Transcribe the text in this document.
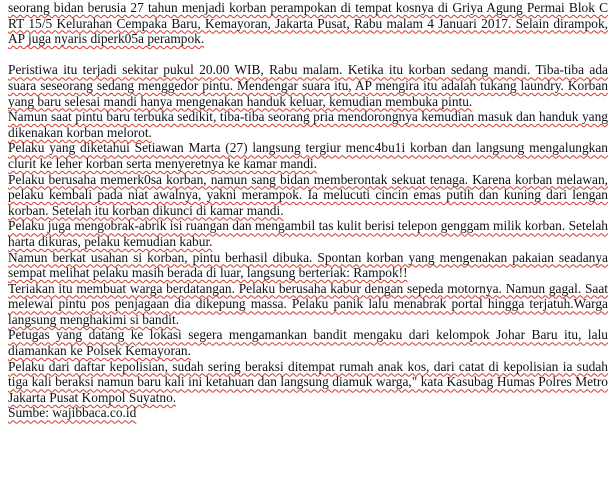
seorang bidan berusia 27 tahun menjadi korban perampokan di tempat kosnya di Griya Agung Permai Blok C RT 15/5 Kelurahan Cempaka Baru, Kemayoran, Jakarta Pusat, Rabu malam 4 Januari 2017. Selain dirampok, AP juga nyaris diperk05a perampok.

Peristiwa itu terjadi sekitar pukul 20.00 WIB, Rabu malam. Ketika itu korban sedang mandi. Tiba-tiba ada suara seseorang sedang menggedor pintu. Mendengar suara itu, AP mengira itu adalah tukang laundry. Korban yang baru selesai mandi hanya mengenakan handuk keluar, kemudian membuka pintu.

Namun saat pintu baru terbuka sedikit, tiba-tiba seorang pria mendorongnya kemudian masuk dan handuk yang dikenakan korban melorot.

Pelaku yang diketahui Setiawan Marta (27) langsung tergiur menc4bu1i korban dan langsung mengalungkan clurit ke leher korban serta menyeretnya ke kamar mandi.

Pelaku berusaha memerk0sa korban, namun sang bidan memberontak sekuat tenaga. Karena korban melawan, pelaku kembali pada niat awalnya, yakni merampok. Ia melucuti cincin emas putih dan kuning dari lengan korban. Setelah itu korban dikunci di kamar mandi.

Pelaku juga mengobrak-abrik isi ruangan dan mengambil tas kulit berisi telepon genggam milik korban. Setelah harta dikuras, pelaku kemudian kabur.

Namun berkat usahan si korban, pintu berhasil dibuka. Spontan korban yang mengenakan pakaian seadanya sempat melihat pelaku masih berada di luar, langsung berteriak: Rampok!!

Teriakan itu membuat warga berdatangan. Pelaku berusaha kabur dengan sepeda motornya. Namun gagal. Saat melewai pintu pos penjagaan dia dikepung massa. Pelaku panik lalu menabrak portal hingga terjatuh.Warga langsung menghakimi si bandit.

Petugas yang datang ke lokasi segera mengamankan bandit mengaku dari kelompok Johar Baru itu, lalu diamankan ke Polsek Kemayoran.

Pelaku dari daftar kepolisian, sudah sering beraksi ditempat rumah anak kos, dari catat di kepolisian ia sudah tiga kali beraksi namun baru kali ini ketahuan dan langsung diamuk warga," kata Kasubag Humas Polres Metro Jakarta Pusat Kompol Suyatno.

Sumbe: wajibbaca.co.id
